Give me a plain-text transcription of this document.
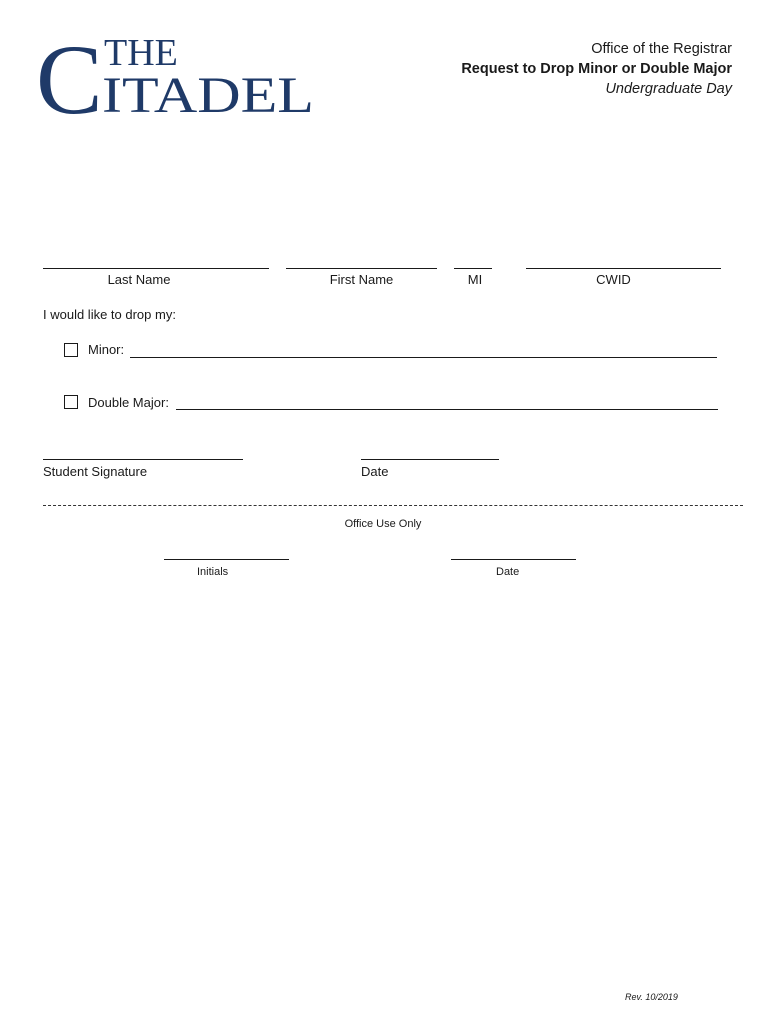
C THE
ITADEL
Office of the Registrar
Request to Drop Minor or Double Major
Undergraduate Day
Last Name	First Name	MI	CWID
I would like to drop my:
Minor:
Double Major:
Student Signature	Date
Office Use Only
Initials	Date
Rev. 10/2019
